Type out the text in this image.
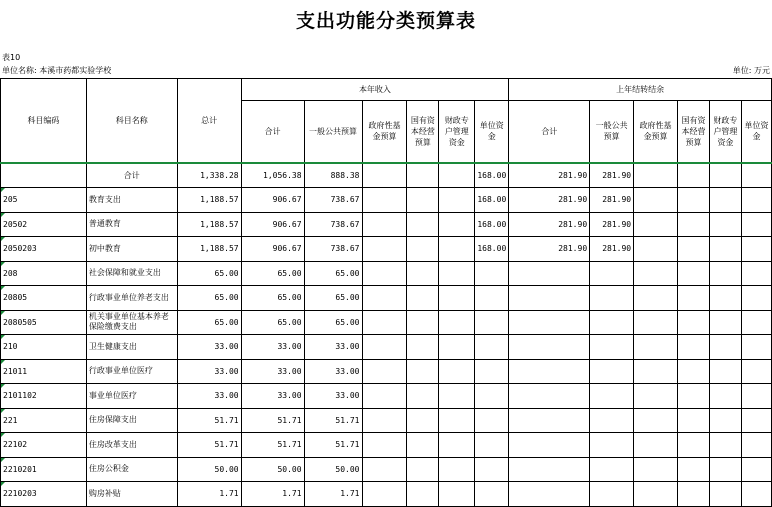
支出功能分类预算表
表10
单位名称: 本溪市药都实验学校	单位: 万元
科目编码	科目名称	总计	本年收入						上年结转结余					
			合计	一般公共预算	政府性基金预算	国有资本经营预算	财政专户管理资金	单位资金	合计	一般公共预算	政府性基金预算	国有资本经营预算	财政专户管理资金	单位资金
	合计	1,338.28	1,056.38	888.38				168.00	281.90	281.90				
205	教育支出	1,188.57	906.67	738.67				168.00	281.90	281.90				
20502	普通教育	1,188.57	906.67	738.67				168.00	281.90	281.90				
2050203	初中教育	1,188.57	906.67	738.67				168.00	281.90	281.90				
208	社会保障和就业支出	65.00	65.00	65.00										
20805	行政事业单位养老支出	65.00	65.00	65.00										
2080505	机关事业单位基本养老保险缴费支出	65.00	65.00	65.00										
210	卫生健康支出	33.00	33.00	33.00										
21011	行政事业单位医疗	33.00	33.00	33.00										
2101102	事业单位医疗	33.00	33.00	33.00										
221	住房保障支出	51.71	51.71	51.71										
22102	住房改革支出	51.71	51.71	51.71										
2210201	住房公积金	50.00	50.00	50.00										
2210203	购房补贴	1.71	1.71	1.71										
